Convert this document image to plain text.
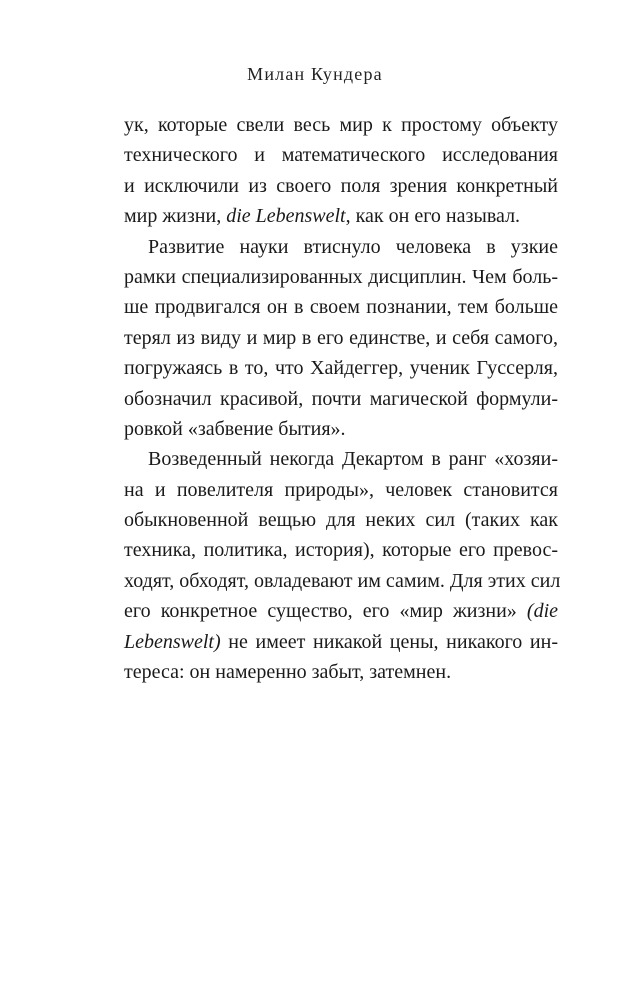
Милан Кундера
ук, которые свели весь мир к простому объекту
технического и математического исследования
и исключили из своего поля зрения конкретный
мир жизни, die Lebenswelt, как он его называл.
Развитие науки втиснуло человека в узкие
рамки специализированных дисциплин. Чем боль-
ше продвигался он в своем познании, тем больше
терял из виду и мир в его единстве, и себя самого,
погружаясь в то, что Хайдеггер, ученик Гуссерля,
обозначил красивой, почти магической формули-
ровкой «забвение бытия».
Возведенный некогда Декартом в ранг «хозяи-
на и повелителя природы», человек становится
обыкновенной вещью для неких сил (таких как
техника, политика, история), которые его превос-
ходят, обходят, овладевают им самим. Для этих сил
его конкретное существо, его «мир жизни» (die
Lebenswelt) не имеет никакой цены, никакого ин-
тереса: он намеренно забыт, затемнен.
